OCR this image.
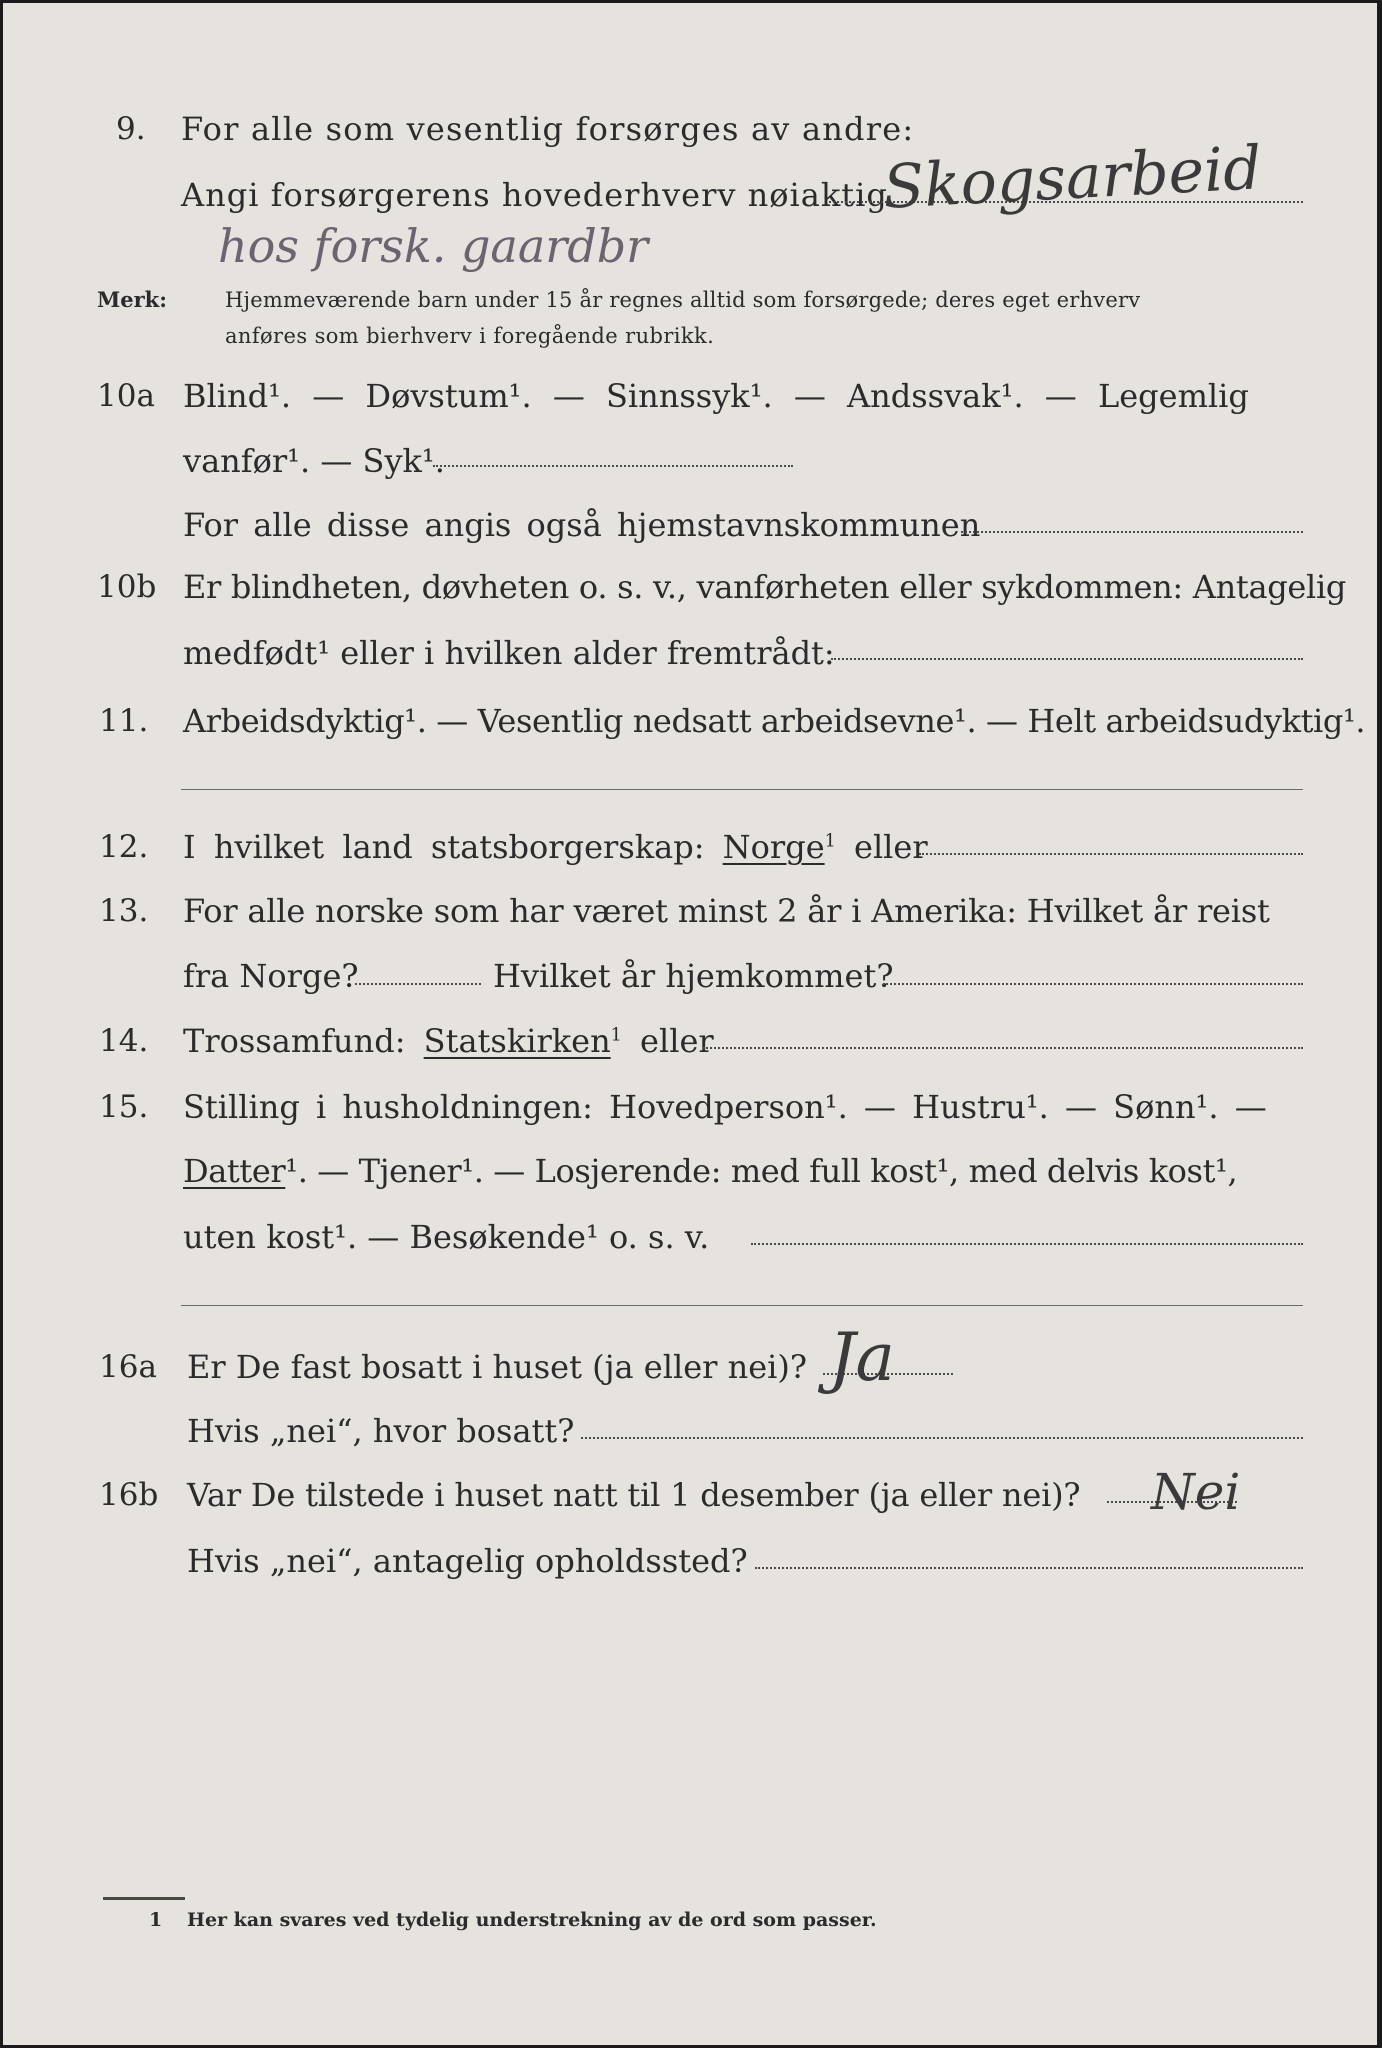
9. For alle som vesentlig forsørges av andre:
Angi forsørgerens hovederhverv nøiaktig
Skogsarbeid
hos forsk. gaardbr
Merk:	Hjemmeværende barn under 15 år regnes alltid som forsørgede; deres eget erhverv
anføres som bierhverv i foregående rubrikk.
10a Blind¹. — Døvstum¹. — Sinnssyk¹. — Andssvak¹. — Legemlig
vanfør¹. — Syk¹.
For alle disse angis også hjemstavnskommunen
10b Er blindheten, døvheten o. s. v., vanførheten eller sykdommen: Antagelig
medfødt¹ eller i hvilken alder fremtrådt:
11. Arbeidsdyktig¹. — Vesentlig nedsatt arbeidsevne¹. — Helt arbeidsudyktig¹.
12. I hvilket land statsborgerskap: Norge$^1$ eller
13. For alle norske som har været minst 2 år i Amerika: Hvilket år reist
fra Norge?	Hvilket år hjemkommet?
14. Trossamfund: Statskirken$^1$ eller
15. Stilling i husholdningen: Hovedperson¹. — Hustru¹. — Sønn¹. —
Datter¹. — Tjener¹. — Losjerende: med full kost¹, med delvis kost¹,
uten kost¹. — Besøkende¹ o. s. v.
16a Er De fast bosatt i huset (ja eller nei)? Ja
Hvis „nei“, hvor bosatt?
16b Var De tilstede i huset natt til 1 desember (ja eller nei)? Nei
Hvis „nei“, antagelig opholdssted?
1 Her kan svares ved tydelig understrekning av de ord som passer.
